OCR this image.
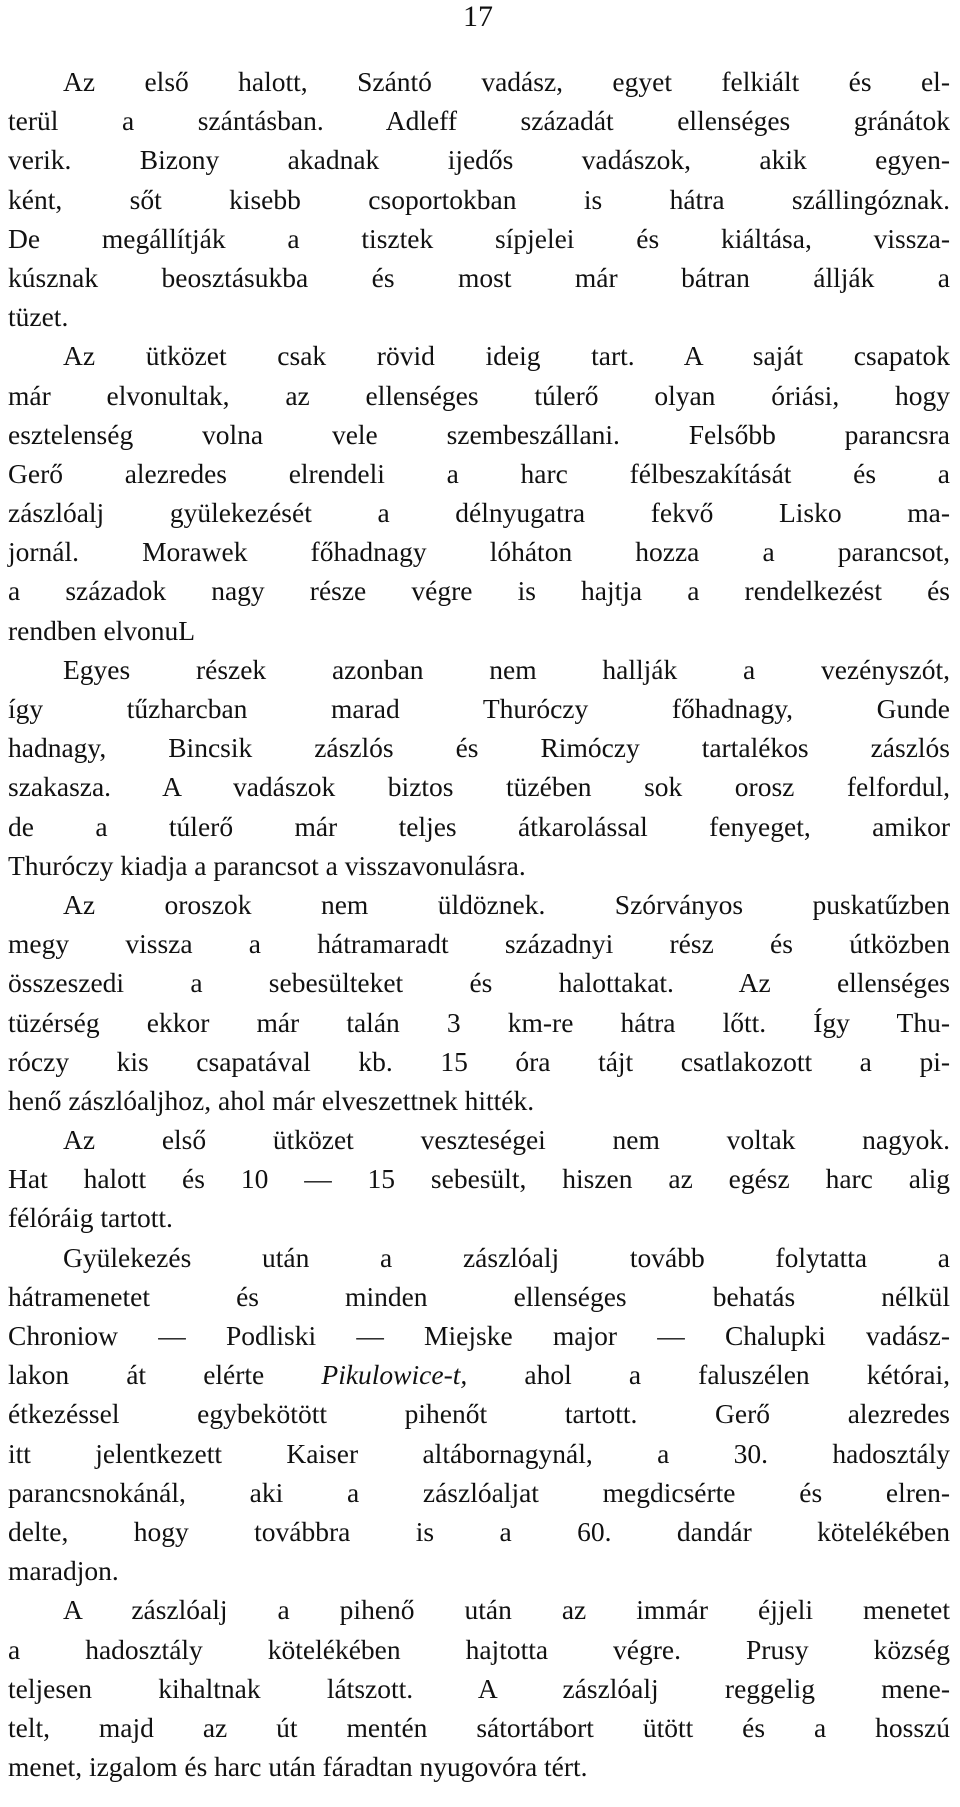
17
Az első halott, Szántó vadász, egyet felkiált és el-
terül a szántásban. Adleff századát ellenséges gránátok
verik. Bizony akadnak ijedős vadászok, akik egyen-
ként, sőt kisebb csoportokban is hátra szállingóznak.
De megállítják a tisztek sípjelei és kiáltása, vissza-
kúsznak beosztásukba és most már bátran állják a
tüzet.
Az ütközet csak rövid ideig tart. A saját csapatok
már elvonultak, az ellenséges túlerő olyan óriási, hogy
esztelenség volna vele szembeszállani. Felsőbb parancsra
Gerő alezredes elrendeli a harc félbeszakítását és a
zászlóalj gyülekezését a délnyugatra fekvő Lisko ma-
jornál. Morawek főhadnagy lóháton hozza a parancsot,
a századok nagy része végre is hajtja a rendelkezést és
rendben elvonuL
Egyes részek azonban nem hallják a vezényszót,
így tűzharcban marad Thuróczy főhadnagy, Gunde
hadnagy, Bincsik zászlós és Rimóczy tartalékos zászlós
szakasza. A vadászok biztos tüzében sok orosz felfordul,
de a túlerő már teljes átkarolással fenyeget, amikor
Thuróczy kiadja a parancsot a visszavonulásra.
Az oroszok nem üldöznek. Szórványos puskatűzben
megy vissza a hátramaradt századnyi rész és útközben
összeszedi a sebesülteket és halottakat. Az ellenséges
tüzérség ekkor már talán 3 km-re hátra lőtt. Így Thu-
róczy kis csapatával kb. 15 óra tájt csatlakozott a pi-
henő zászlóaljhoz, ahol már elveszettnek hitték.
Az első ütközet veszteségei nem voltak nagyok.
Hat halott és 10 — 15 sebesült, hiszen az egész harc alig
félóráig tartott.
Gyülekezés után a zászlóalj tovább folytatta a
hátramenetet és minden ellenséges behatás nélkül
Chroniow — Podliski — Miejske major — Chalupki vadász-
lakon át elérte Pikulowice-t, ahol a faluszélen kétórai,
étkezéssel egybekötött pihenőt tartott. Gerő alezredes
itt jelentkezett Kaiser altábornagynál, a 30. hadosztály
parancsnokánál, aki a zászlóaljat megdicsérte és elren-
delte, hogy továbbra is a 60. dandár kötelékében
maradjon.
A zászlóalj a pihenő után az immár éjjeli menetet
a hadosztály kötelékében hajtotta végre. Prusy község
teljesen kihaltnak látszott. A zászlóalj reggelig mene-
telt, majd az út mentén sátortábort ütött és a hosszú
menet, izgalom és harc után fáradtan nyugovóra tért.
